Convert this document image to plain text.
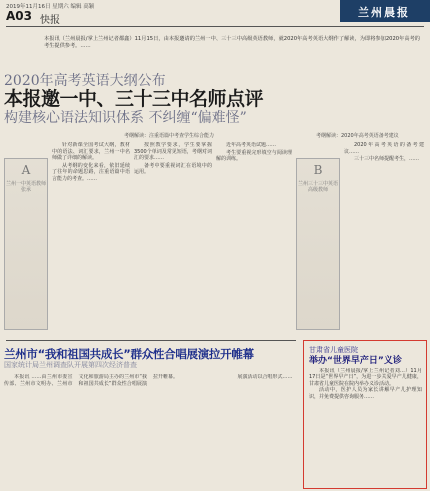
2019年11月16日 星期六 编辑 高颖
A03 快报
兰州晨报
本报讯（兰州晨报/掌上兰州记者都鑫）11月15日，由本报邀请的兰州一中、三十三中高级英语教师，就2020年高考英语大纲作了解读，为即将参加2020年高考的考生提供参考。……
2020年高考英语大纲公布
本报邀一中、三十三中名师点评
构建核心语法知识体系 不纠缠“偏难怪”
考纲解读：注重语篇中考查学生综合能力	考纲解读：2020年高考英语备考建议
A
兰州一中英语教师 张承

针对新课全国考试大纲，教材中的语法、词汇要求，兰州一中名师做了详细的解读。

从考纲的变化来看，依旧延续了往年的命题思路，注重语篇中语言能力的考查。……

按照教学要求，学生要掌握3500个单词及常见短语，考纲对词汇的要求……

备考中要重视词汇在语境中的运用。

近年高考英语试题……

考生要重视完形填空与阅读理解的训练。

B
兰州三十三中英语高级教师

2020年高考英语的备考建议……

三十三中名师提醒考生，……

兰州市“我和祖国共成长”群众性合唱展演拉开帷幕
国家统计局兰州调查队开展第四次经济普查

本报讯 ……由兰州市委宣传部、兰州市文明办、兰州市文化和旅游局主办的兰州市“我和祖国共成长”群众性合唱展演拉开帷幕。	展演活动以合唱形式……

甘肃省儿童医院
举办“世界早产日”义诊

本报讯（兰州晨报/掌上兰州记者刘...）11月17日是“世界早产日”，为进一步关爱早产儿健康，甘肃省儿童医院在院内举办义诊活动。

活动中，医护人员为家长讲解早产儿护理知识，并免费提供咨询服务……
